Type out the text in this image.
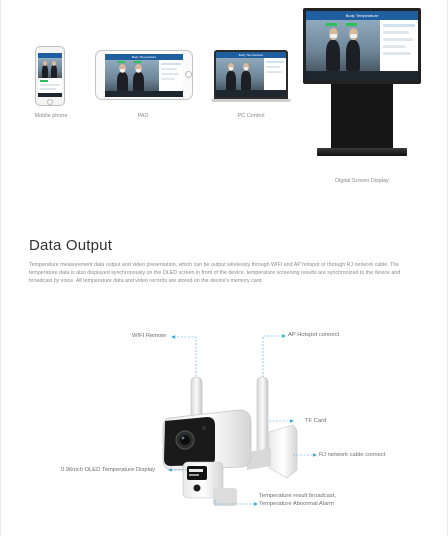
Mobile phone
Body Temperature
PAD
Body Temperature
PC Control
Body Temperature
Digital Screen Display
Data Output

Temperature measurement data output and video presentation, which can be output wirelessly through WIFI and AP hotspot or through RJ network cable. The temperature data is also displayed synchronously on the OLED screen in front of the device, temperature screening results are synchronized to the device and broadcast by voice. All temperature data and video records are stored on the device's memory card

WIFI Remote	AP Hotspot connect
TF Card
RJ network cable connect
0.96inch OLED Temperature Display
Temperature result broadcast,
Temperature Abnormal Alarm
